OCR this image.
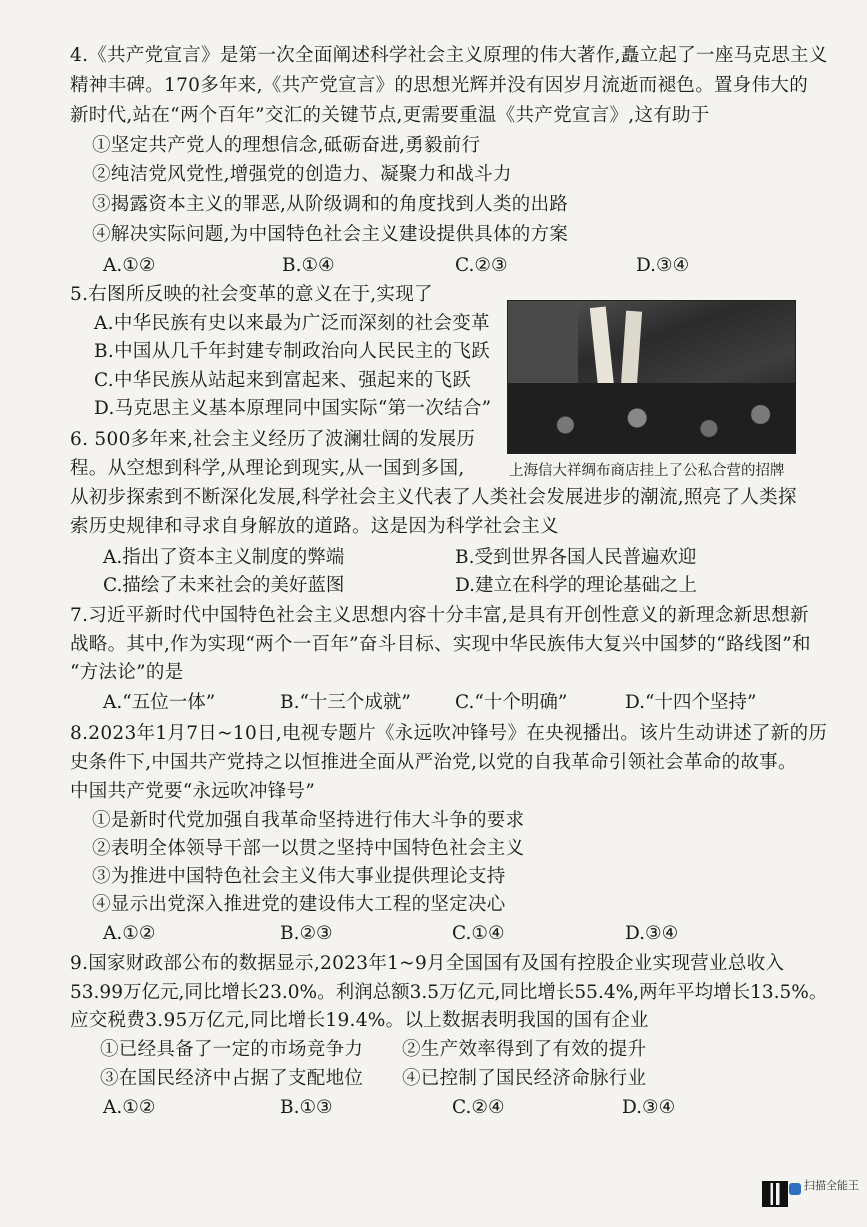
4.《共产党宣言》是第一次全面阐述科学社会主义原理的伟大著作,矗立起了一座马克思主义
精神丰碑。170多年来,《共产党宣言》的思想光辉并没有因岁月流逝而褪色。置身伟大的
新时代,站在“两个百年”交汇的关键节点,更需要重温《共产党宣言》,这有助于
①坚定共产党人的理想信念,砥砺奋进,勇毅前行
②纯洁党风党性,增强党的创造力、凝聚力和战斗力
③揭露资本主义的罪恶,从阶级调和的角度找到人类的出路
④解决实际问题,为中国特色社会主义建设提供具体的方案
A.①②	B.①④	C.②③	D.③④
5.右图所反映的社会变革的意义在于,实现了
A.中华民族有史以来最为广泛而深刻的社会变革
B.中国从几千年封建专制政治向人民民主的飞跃
C.中华民族从站起来到富起来、强起来的飞跃
D.马克思主义基本原理同中国实际“第一次结合”
上海信大祥绸布商店挂上了公私合营的招牌
6. 500多年来,社会主义经历了波澜壮阔的发展历
程。从空想到科学,从理论到现实,从一国到多国,
从初步探索到不断深化发展,科学社会主义代表了人类社会发展进步的潮流,照亮了人类探
索历史规律和寻求自身解放的道路。这是因为科学社会主义
A.指出了资本主义制度的弊端	B.受到世界各国人民普遍欢迎
C.描绘了未来社会的美好蓝图	D.建立在科学的理论基础之上
7.习近平新时代中国特色社会主义思想内容十分丰富,是具有开创性意义的新理念新思想新
战略。其中,作为实现“两个一百年”奋斗目标、实现中华民族伟大复兴中国梦的“路线图”和
“方法论”的是
A.“五位一体”	B.“十三个成就” C.“十个明确”	D.“十四个坚持”
8.2023年1月7日~10日,电视专题片《永远吹冲锋号》在央视播出。该片生动讲述了新的历
史条件下,中国共产党持之以恒推进全面从严治党,以党的自我革命引领社会革命的故事。
中国共产党要“永远吹冲锋号”
①是新时代党加强自我革命坚持进行伟大斗争的要求
②表明全体领导干部一以贯之坚持中国特色社会主义
③为推进中国特色社会主义伟大事业提供理论支持
④显示出党深入推进党的建设伟大工程的坚定决心
A.①②	B.②③	C.①④	D.③④
9.国家财政部公布的数据显示,2023年1~9月全国国有及国有控股企业实现营业总收入
53.99万亿元,同比增长23.0%。利润总额3.5万亿元,同比增长55.4%,两年平均增长13.5%。
应交税费3.95万亿元,同比增长19.4%。以上数据表明我国的国有企业
①已经具备了一定的市场竞争力 ②生产效率得到了有效的提升
③在国民经济中占据了支配地位 ④已控制了国民经济命脉行业
A.①②	B.①③	C.②④	D.③④
扫描全能王
